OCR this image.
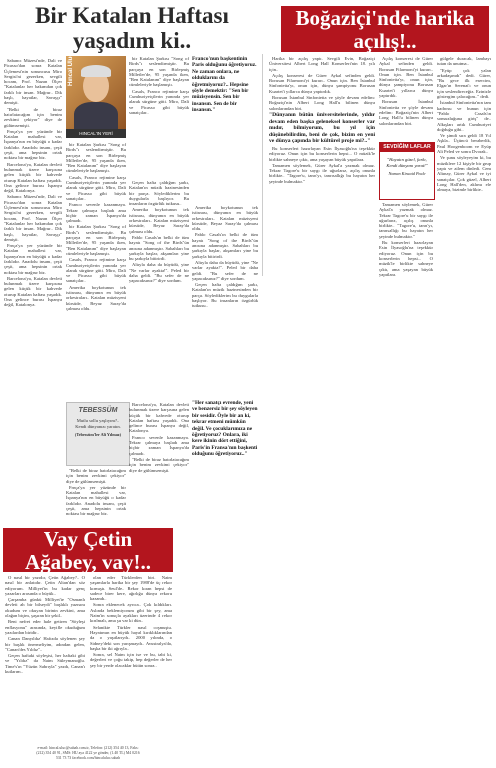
Bir Katalan Haftası
yaşadım ki..

Sabancı Müzesi'nde, Dali ve Picasso'dan sonra Katalan Üçlemesi'nin sonuncusu Miro Sergisi'ni gezerken, sevgili hocam, Prof. Nazan Ölçer "Katalanlar her bakımdan çok farklı bir insan. Mağrur.. Dik başlı, hayatlar, Savaşçı" demişti.

"Belki de biraz hatırlatacağım için benim zevkimi çekiyor" diye de gülümsemişti.

Frnça'ya yer yüzünde bir Katalan mahallesi var, İspanya'nın en büyüğü o kadar farklıdır. Anadolu insanı, çeşit çeşit, ama hepsinin ortak noktası bir mağrur biz.

Barcelona'ya, Katalan devleti bulunmak üzere karşısına gelen küçük bir kahvede oturup Katalan haftası yaşadık. Ona gelince burası İspanya değil, Katalonya.

Sabancı Müzesi'nde, Dali ve Picasso'dan sonra Katalan Üçlemesi'nin sonuncusu Miro Sergisi'ni gezerken, sevgili hocam, Prof. Nazan Ölçer "Katalanlar her bakımdan çok farklı bir insan. Mağrur.. Dik başlı, hayatlar, Savaşçı" demişti.

Frnça'ya yer yüzünde bir Katalan mahallesi var, İspanya'nın en büyüğü o kadar farklıdır. Anadolu insanı, çeşit çeşit, ama hepsinin ortak noktası bir mağrur biz.

Barcelona'ya, Katalan devleti bulunmak üzere karşısına gelen küçük bir kahvede oturup Katalan haftası yaşadık. Ona gelince burası İspanya değil, Katalonya.

Hıncal Uluç
HINCAL'IN YERİ

bir Katalan Şarkısı "Song of Birds"ı seslendirmiştir. Bu parçaya en son Birleşmiş Milletler'de, 95 yaşında iken, "Ben Katalanım" diye başlayan cümleleriyle başlamıştı.

Casals, Franco rejimine karşı Cumhuriyetçilerin yanında yer alarak sürgüne gitti. Miro, Dali ve Picasso gibi büyük sanatçılar..

Franco sevenle kazanmaya. Tekrar çalmaya başladı ama hiçbir zaman İspanya'da çalmadı.

bir Katalan Şarkısı "Song of Birds"ı seslendirmiştir. Bu parçaya en son Birleşmiş Milletler'de, 95 yaşında iken, "Ben Katalanım" diye başlayan cümleleriyle başlamıştı.

Casals, Franco rejimine karşı Cumhuriyetçilerin yanında yer alarak sürgüne gitti. Miro, Dali ve Picasso gibi büyük sanatçılar..

Amerika boykotunun tek istisnası, dünyanın en büyük orkestraları.. Katalan müzisyeni kürsüde, Beyaz Saray'da çalması oldu.

bir Katalan Şarkısı "Song of Birds"ı seslendirmiştir. Bu parçaya en son Birleşmiş Milletler'de, 95 yaşında iken, "Ben Katalanım" diye başlayan cümleleriyle başlamıştı.

Casals, Franco rejimine karşı Cumhuriyetçilerin yanında yer alarak sürgüne gitti. Miro, Dali ve Picasso gibi büyük sanatçılar..

Franco'nun başkentinin Paris olduğunu öğretiyoruz. Ne zaman onlara, ne olduklarını da öğretmiyoruz?.. Hepsine şöyle demektir: "Sen bir müzisyensin. Sen bir insansın. Sen de bir insansın."

Geçen hafta çaldığım şarkı, Katalan'ın müzik hazinesinden bir parça. Söylediklerim bu duygularla başlıyor. Bu insanların özgürlük tutkusu..

Amerika boykotunun tek istisnası, dünyanın en büyük orkestraları.. Katalan müzisyeni kürsüde, Beyaz Saray'da çalması oldu.

Pablo Casals'ın belki de tüm hayatı "Song of the Birds"ün anısına adanmıştır. Sabahları bu şarkıyla başlar, akşamları yine bu şarkıyla bitirirdi.

Altıyla daha da büyüdü, yine "Ne varlar ayakta!". Peled bir daha geldi. "Bu sefer de ne yapacaksınız?" diye sordum.

Amerika boykotunun tek istisnası, dünyanın en büyük orkestraları.. Katalan müzisyeni kürsüde, Beyaz Saray'da çalması oldu.

Pablo Casals'ın belki de tüm hayatı "Song of the Birds"ün anısına adanmıştır. Sabahları bu şarkıyla başlar, akşamları yine bu şarkıyla bitirirdi.

Altıyla daha da büyüdü, yine "Ne varlar ayakta!". Peled bir daha geldi. "Bu sefer de ne yapacaksınız?" diye sordum.

Geçen hafta çaldığım şarkı, Katalan'ın müzik hazinesinden bir parça. Söylediklerim bu duygularla başlıyor. Bu insanların özgürlük tutkusu..

TEBESSÜM
Mutlu sollu yaşlıyım?.. Kendi dünyanızı yaratın.
(Tebessüm'ler Ali Yılmaz)

"Belki de biraz hatırlatacağım için benim zevkimi çekiyor" diye de gülümsemişti.

Frnça'ya yer yüzünde bir Katalan mahallesi var, İspanya'nın en büyüğü o kadar farklıdır. Anadolu insanı, çeşit çeşit, ama hepsinin ortak noktası bir mağrur biz.

Barcelona'ya, Katalan devleti bulunmak üzere karşısına gelen küçük bir kahvede oturup Katalan haftası yaşadık. Ona gelince burası İspanya değil, Katalonya.

Franco sevenle kazanmaya. Tekrar çalmaya başladı ama hiçbir zaman İspanya'da çalmadı.

"Belki de biraz hatırlatacağım için benim zevkimi çekiyor" diye de gülümsemişti.

"Her sanatçı evrende, yeni ve benzersiz bir şey söyleyen bir sesidir. Öyle bir an ki, tekrar etmeni mümkün değil. Ve çocuklarımıza ne öğretiyoruz? Onlara, iki kere ikinin dört ettiğini, Paris'in Fransa'nın başkenti olduğunu öğretiyoruz.."
Boğaziçi'nde harika
açılış!..

Harika bir açılış yaptı. Sevgili Evin, Boğaziçi Üniversitesi Albert Long Hall Konserleri'nin 18. yılı için..

Açılış konseresi de Gürer Aykal sefinden geldi. Borusan Filarmoni'yi kurarı.. Onun için. Ben İstanbul Sinfonietta'yı, onun için, dünya şampiyonu Borusan Kuartet'i yıllarca dünya yaptırdık.

Borusan İstanbul Sinfonietta ve şöyle devam edelim: Boğaziçi'nin Albert Long Hall'u bilinen dünya salonlarından biri.

"Dünyanın bütün üniversitelerinde, yıldır devam eden başka geleneksel konserler var mıdır, bilmiyorum, bu yıl için düşünebilirdim, beni de çok, bizim en yeni ve dünya çapında bir kültürel proje mi?.."

Bu konserleri hazırlayan Esin İlyasoğlu'na teşekkür ediyoruz. Onun için bu konserlerin hepsi... O müzik'le birlikte sahneye çıktı, ama yaşayan büyük yapıtlara.

Tamamen söylemek, Gürer Aykal'a yazmak olmaz. Tekrar Tagore'u bir saygı ile uğurlarız, açılış onunla birlikte.. "Tagore'u, tanrı'yı, tanrısallığı bu hayatın her şeyinde bulmaktır."

SEVDİĞİM LAFLAR
"Hayatın güzel, farkı, Kendi dünyanı yarat!"
Noman Kincaid Peale

Açılış konseresi de Gürer Aykal sefinden geldi. Borusan Filarmoni'yi kurarı.. Onun için. Ben İstanbul Sinfonietta'yı, onun için, dünya şampiyonu Borusan Kuartet'i yıllarca dünya yaptırdık.

Borusan İstanbul Sinfonietta ve şöyle devam edelim: Boğaziçi'nin Albert Long Hall'u bilinen dünya salonlarından biri.

Tamamen söylemek, Gürer Aykal'a yazmak olmaz. Tekrar Tagore'u bir saygı ile uğurlarız, açılış onunla birlikte.. "Tagore'u, tanrı'yı, tanrısallığı bu hayatın her şeyinde bulmaktır."

Bu konserleri hazırlayan Esin İlyasoğlu'na teşekkür ediyoruz. Onun için bu konserlerin hepsi... O müzik'le birlikte sahneye çıktı, ama yaşayan büyük yapıtlara.

gülgele duracak, lambayı tutan da unutma..

"Eyüp çok yalan arkadaşımdı" dedi. Gürer, "Bu gece ilk esercim, Elgar'ın Serenat'ı ve onun için seslendireceğiz. Ezinizle göstergim çalacağım.." dedi.

İstanbul Sinfonietta'nın tam kadrosu ve bunun için "Pablo Casals'ın sonsuzluğuna giriş" de.. Alkışları artık Cumhuriyet doğduğu gibi..

Ve şimdi sıra geldi 18 Yıl Aşkla.. Üçüncü beraberlik, Paul Hoogenboom ve Eyüp Ali Peled ve sonra Dvorak..

Ve şunu söyleyeyim ki, bu müziklere 12 kişiyle bir grup yaptı ve ailem dinledi. Cem Altınay, Gürer Aykal ve iyi sanatçılar. Çok güzel, Albert Long Hall'den, aklımı ele almaya, bizimle birlikte..

Vay Çetin
Ağabey, vay!..

O nasıl bir yazıdır, Çetin Ağabey?.. O nasıl bir anlatıdır. Çetin Altan'dan söz ediyorum. Milliyet'in bu kadar genç yazarları arasında o büyük..

Çarşamba günkü Milliyet'te "Osmanlı devleti ah bir bilseydi" başlıklı yazısını okudum ve okuyan birinin zevkini, ama olağan biçim, şaşıran bir şekil..

Beni nefret eder hale getiren "Söyleşi enflasyonu" arasında, keyifle okuduğum yazılardan biridir..

Canan Danyıldız' Hafızda söylenen şey bir başlık önermeliyim, adından gelen, "Canan'des Yıldız"..

Geçen haftaki söyleşisi, her haftaki gibi ve "Yıldız" da Naim Süleymanoğlu. Time's'ın "Yüzün Sabrıyla" yazdı, Canan'ı kutlarım..

olan eder Türklerden biri. Naim yaşamlarla harika bir şey 1988'de üç rekor kırmıştı. Seul'de.. Rekor kıran hepsi de sadece birer kere, ağırlığa dünya rekoru kazandı..

Sonra eklenecek ayrıca.. Çok kıldıkları. Aslında beklemiyorum gibi bir şey, ama Naim'in sonuçla ayakları üzerinde 4 rekor kırılmalı, ama şu var ki dün..

Selanikte Türkler nasıl coşmuştu. Hayatımın en büyük hayal kırıklıklarından da o yaşıtlarıydı.. 2000 yılında, o Sidney'deki son yarışmaydı.. Avustralya'da, başka bir iki ağrıyla..

Sonra, sel Naim için ise ve bu, tabi ki, değerleri ve çoğu takip, hep değerler de her şey bir yerde olacaklar bütün sonra..

e-mail: hincal.uluc@sabah.com.tr, Telefon: (212) 354 40 13, Faks:
(212) 354 40 91, SMS: HU aya 4122 ye gönder, (1.40 TL) M4 0216
531 73 73 facebook.com/hincaluluc.sabah
